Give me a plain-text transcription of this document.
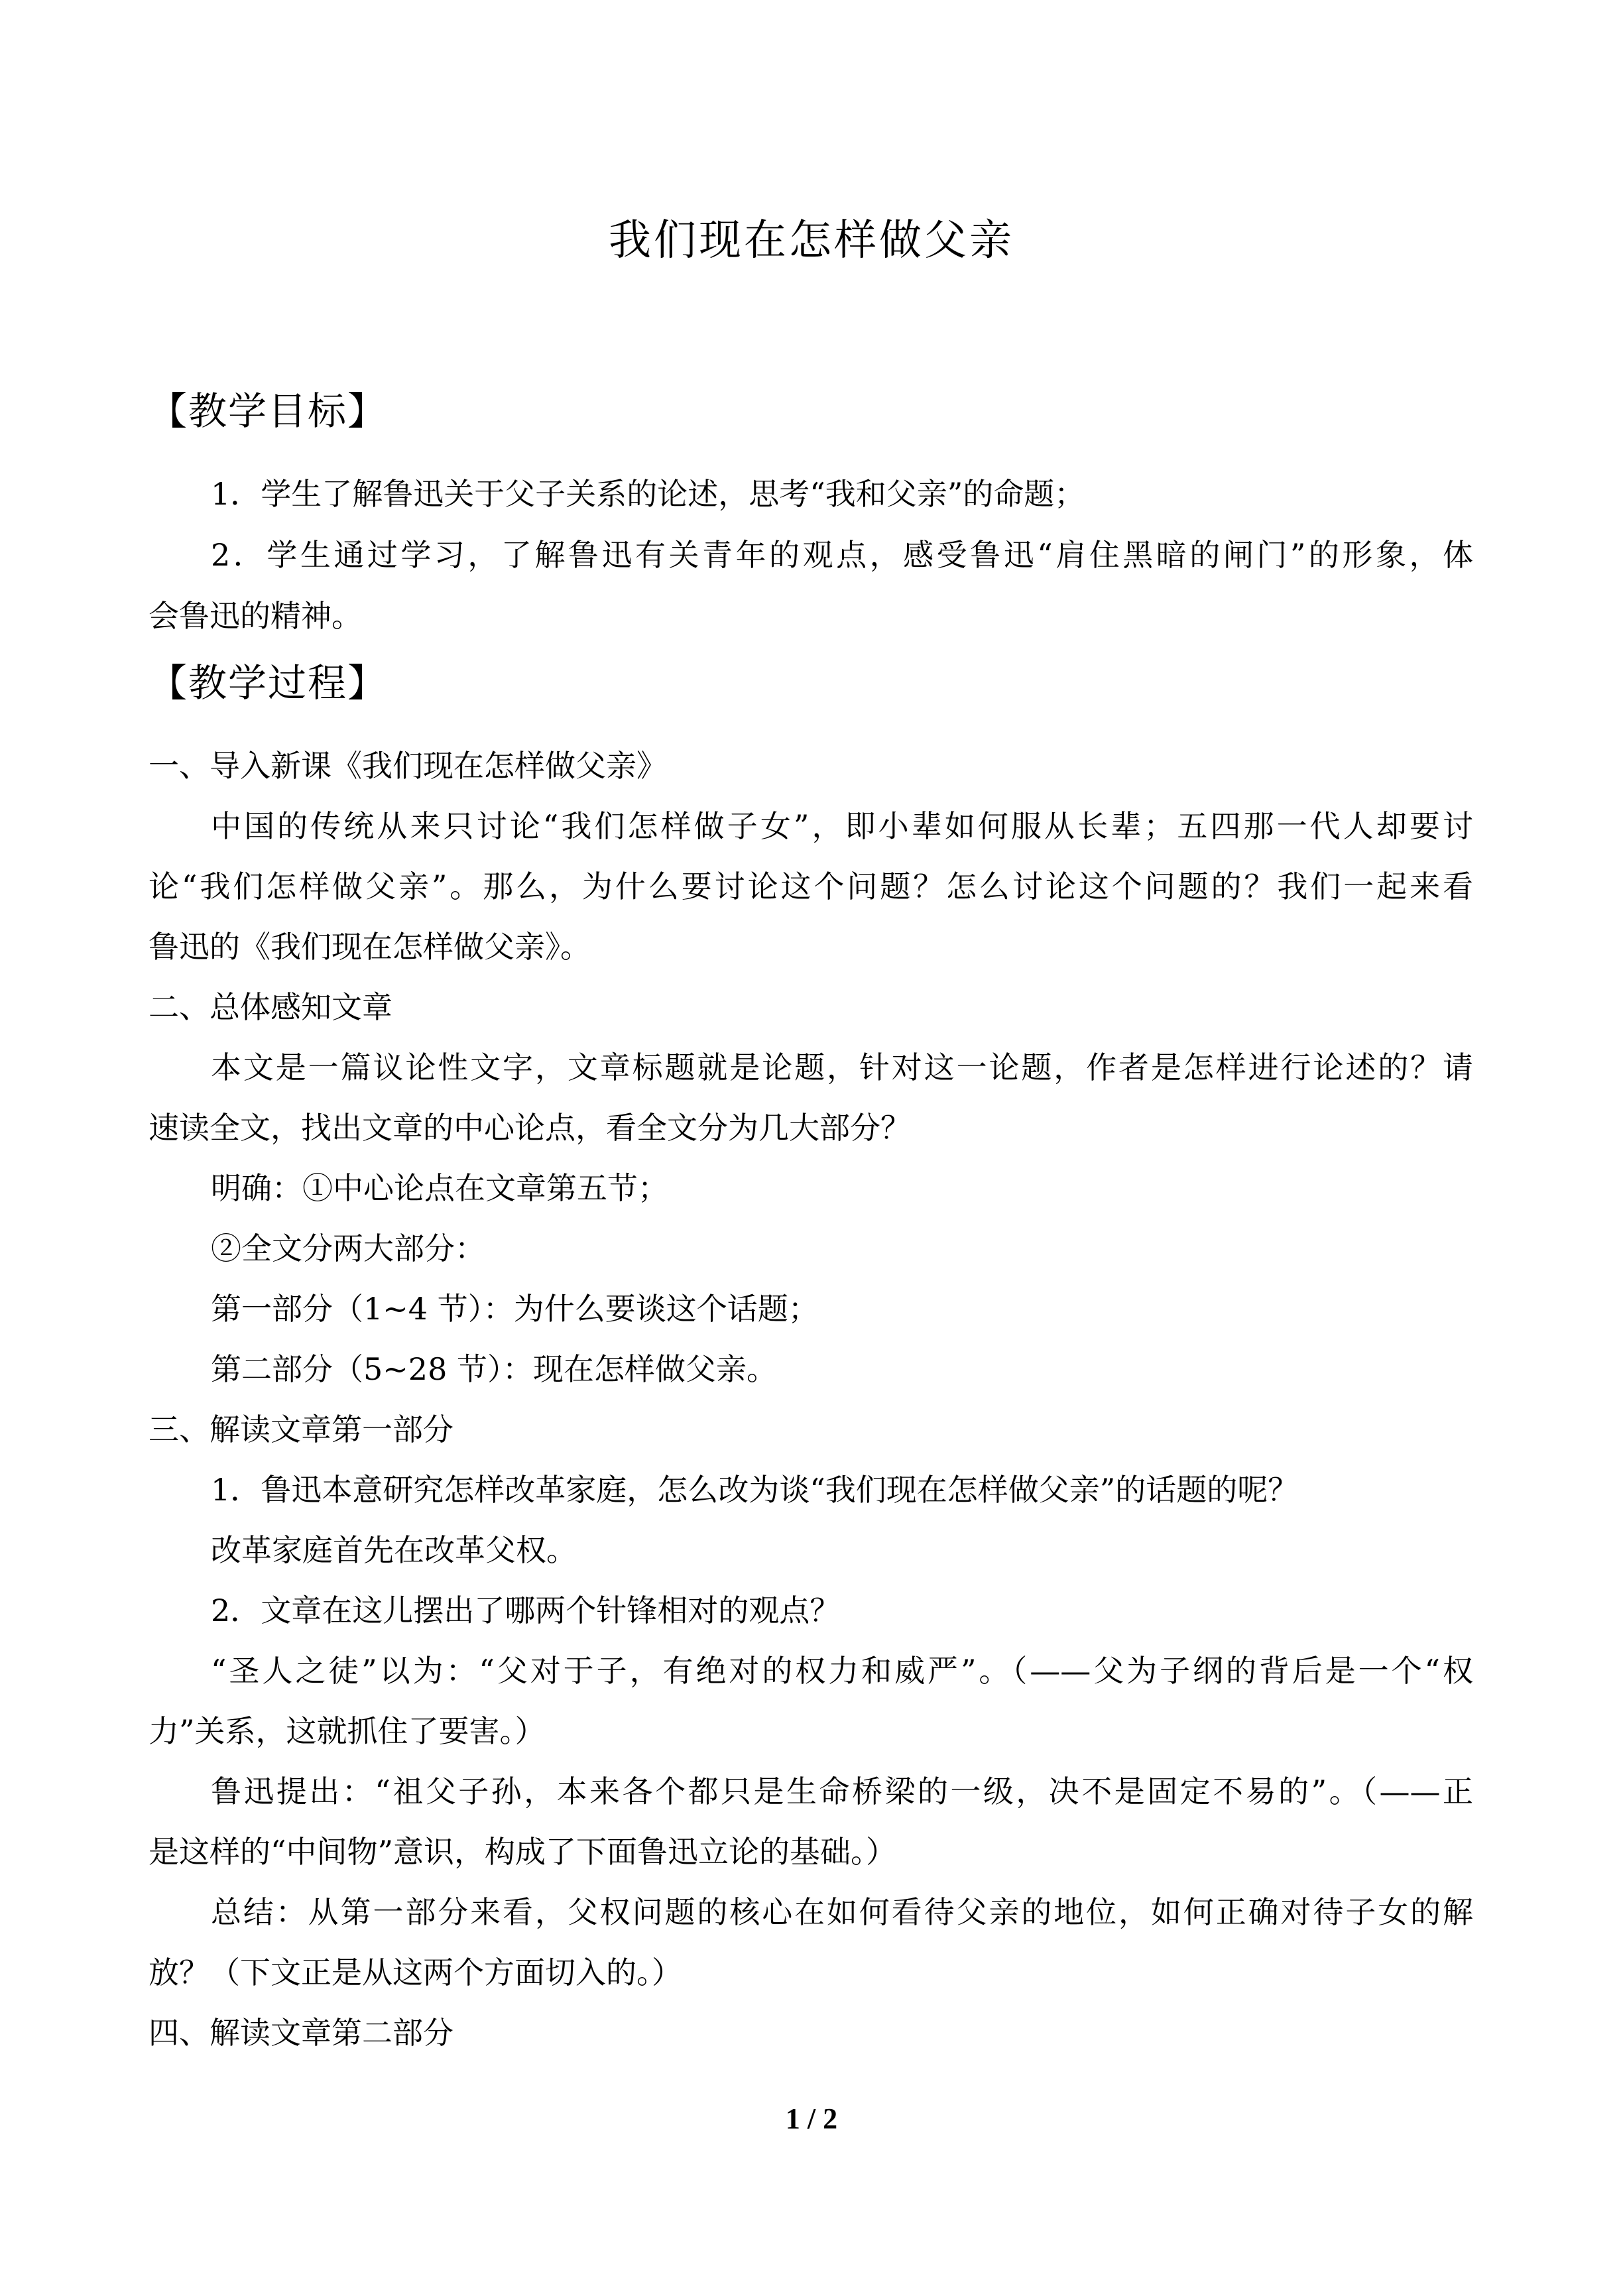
我们现在怎样做父亲
【教学目标】
1．学生了解鲁迅关于父子关系的论述，思考“我和父亲”的命题；
2．学生通过学习，了解鲁迅有关青年的观点，感受鲁迅“肩住黑暗的闸门”的形象，体
会鲁迅的精神。
【教学过程】
一、导入新课《我们现在怎样做父亲》
中国的传统从来只讨论“我们怎样做子女”，即小辈如何服从长辈；五四那一代人却要讨
论“我们怎样做父亲”。那么，为什么要讨论这个问题？怎么讨论这个问题的？我们一起来看
鲁迅的《我们现在怎样做父亲》。
二、总体感知文章
本文是一篇议论性文字，文章标题就是论题，针对这一论题，作者是怎样进行论述的？请
速读全文，找出文章的中心论点，看全文分为几大部分？
明确：①中心论点在文章第五节；
②全文分两大部分：
第一部分（1~4 节）：为什么要谈这个话题；
第二部分（5~28 节）：现在怎样做父亲。
三、解读文章第一部分
1．鲁迅本意研究怎样改革家庭，怎么改为谈“我们现在怎样做父亲”的话题的呢？
改革家庭首先在改革父权。
2．文章在这儿摆出了哪两个针锋相对的观点？
“圣人之徒”以为：“父对于子，有绝对的权力和威严”。（——父为子纲的背后是一个“权
力”关系，这就抓住了要害。）
鲁迅提出：“祖父子孙，本来各个都只是生命桥梁的一级，决不是固定不易的”。（——正
是这样的“中间物”意识，构成了下面鲁迅立论的基础。）
总结：从第一部分来看，父权问题的核心在如何看待父亲的地位，如何正确对待子女的解
放？（下文正是从这两个方面切入的。）
四、解读文章第二部分
1 / 2
